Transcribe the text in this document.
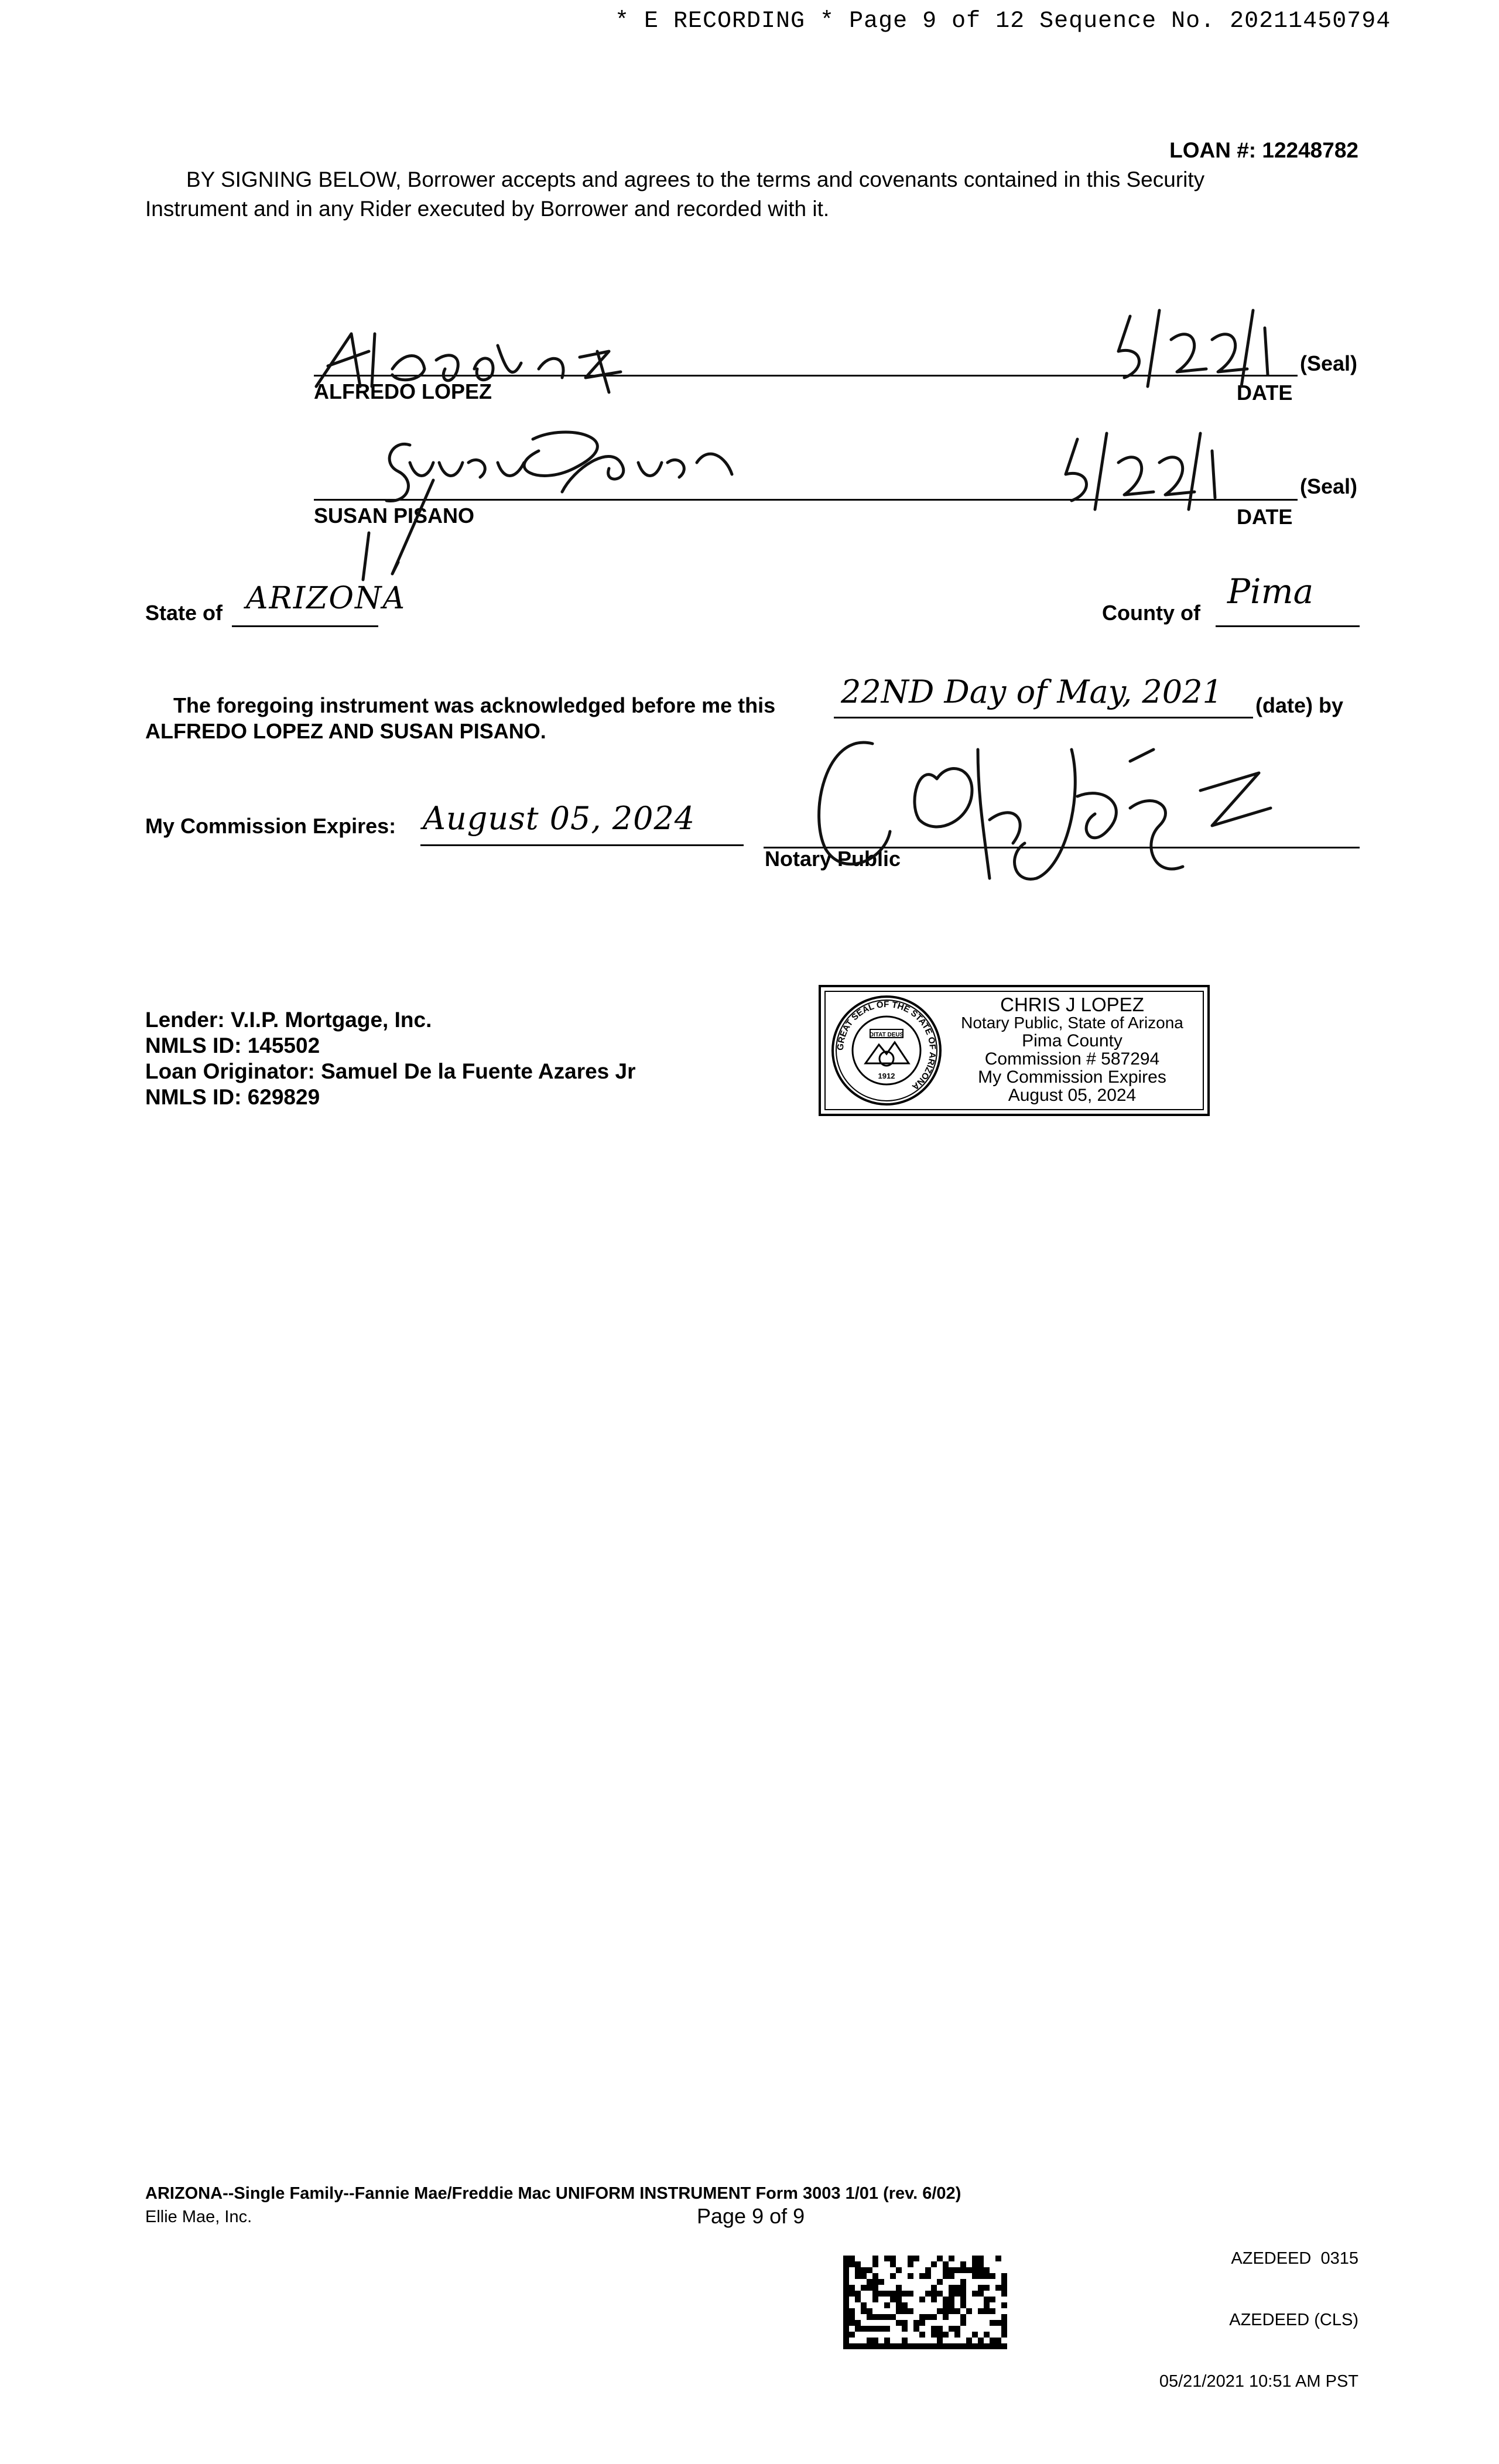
* E RECORDING * Page 9 of 12 Sequence No. 20211450794
LOAN #: 12248782
BY SIGNING BELOW, Borrower accepts and agrees to the terms and covenants contained in this Security
Instrument and in any Rider executed by Borrower and recorded with it.
ALFREDO LOPEZ	DATE
(Seal)
SUSAN PISANO	DATE
(Seal)
State of ARIZONA	County of
Pima
The foregoing instrument was acknowledged before me this 22ND Day of May, 2021 (date) by
ALFREDO LOPEZ AND SUSAN PISANO.
My Commission Expires: August 05, 2024
Notary Public
Lender: V.I.P. Mortgage, Inc.
NMLS ID: 145502
Loan Originator: Samuel De la Fuente Azares Jr
NMLS ID: 629829
GREAT SEAL OF THE STATE OF ARIZONA
DITAT DEUS
1912
CHRIS J LOPEZ
Notary Public, State of Arizona
Pima County
Commission # 587294
My Commission Expires
August 05, 2024
ARIZONA--Single Family--Fannie Mae/Freddie Mac UNIFORM INSTRUMENT Form 3003 1/01 (rev. 6/02)
Ellie Mae, Inc.	Page 9 of 9

AZEDEED  0315

AZEDEED (CLS)

05/21/2021 10:51 AM PST
